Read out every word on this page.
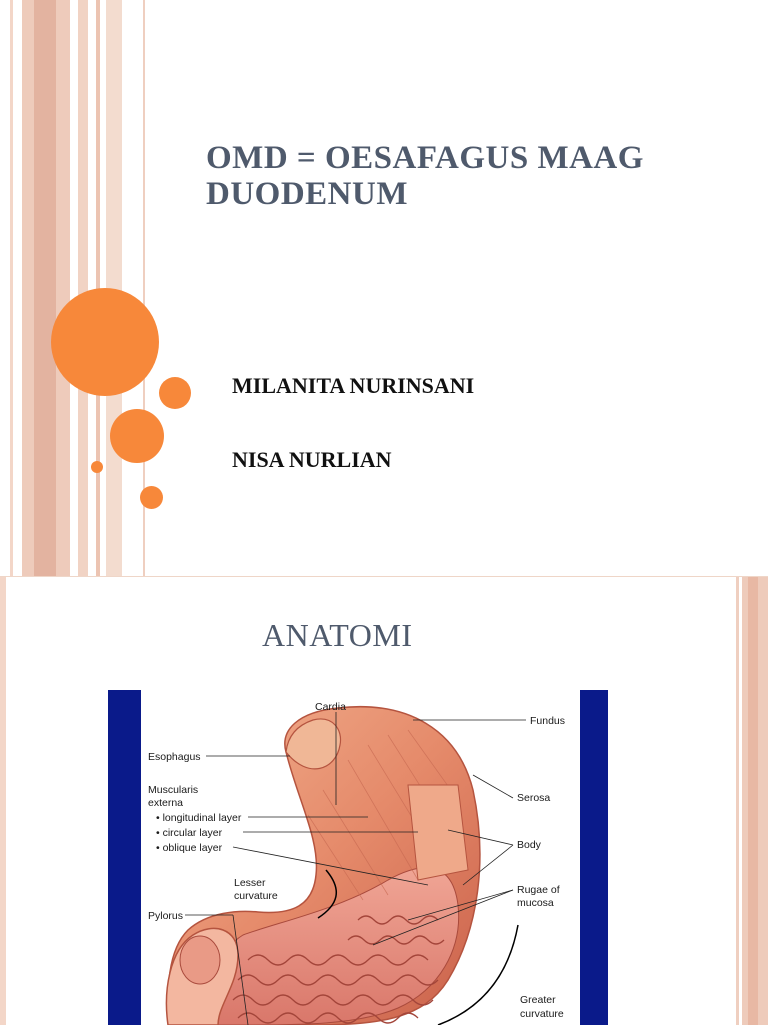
OMD = OESAFAGUS MAAG DUODENUM
MILANITA NURINSANI
NISA NURLIAN
ANATOMI
Cardia
Fundus
Esophagus
Muscularis
externa
• longitudinal layer
• circular layer
• oblique layer
Serosa
Body
Lesser
curvature	Rugae of
mucosa
Pylorus
Greater
curvature
